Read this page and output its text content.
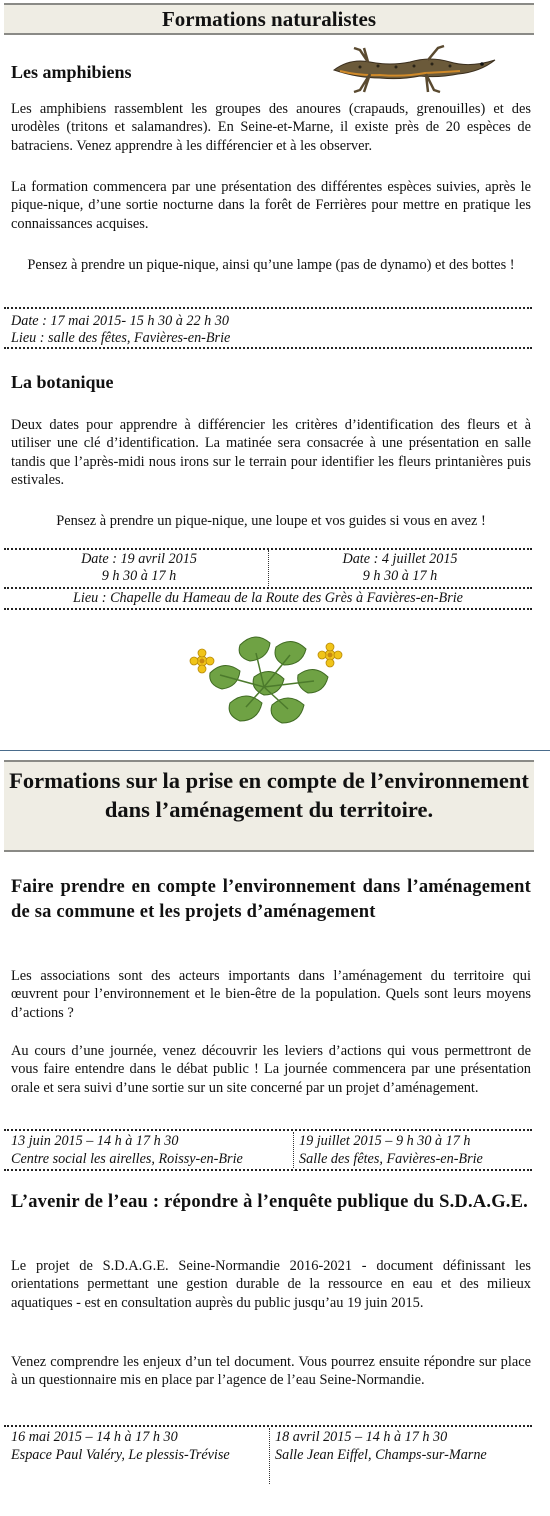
Formations naturalistes
Les amphibiens
Les amphibiens rassemblent les groupes des anoures (crapauds, grenouilles) et des urodèles (tritons et salamandres). En Seine-et-Marne, il existe près de 20 espèces de batraciens. Venez apprendre à les différencier et à les observer.
La formation commencera par une présentation des différentes espèces suivies, après le pique-nique, d’une sortie nocturne dans la forêt de Ferrières pour mettre en pratique les connaissances acquises.
Pensez à prendre un pique-nique, ainsi qu’une lampe (pas de dynamo) et des bottes !
Date : 17 mai 2015- 15 h 30 à 22 h 30
Lieu : salle des fêtes, Favières-en-Brie
La botanique
Deux dates pour apprendre à différencier les critères d’identification des fleurs et à utiliser une clé d’identification. La matinée sera consacrée à une présentation en salle tandis que l’après-midi nous irons sur le terrain pour identifier les fleurs printanières puis estivales.
Pensez à prendre un pique-nique, une loupe et vos guides si vous en avez !
Date : 19 avril 2015
9 h 30 à 17 h
Date : 4 juillet 2015
9 h 30 à 17 h
Lieu : Chapelle du Hameau de la Route des Grès à Favières-en-Brie
Formations sur la prise en compte de l’environnement dans l’aménagement du territoire.
Faire prendre en compte l’environnement dans l’aménagement de sa commune et les projets d’aménagement
Les associations sont des acteurs importants dans l’aménagement du territoire qui œuvrent pour l’environnement et le bien-être de la population. Quels sont leurs moyens d’actions ?
Au cours d’une journée, venez découvrir les leviers d’actions qui vous permettront de vous faire entendre dans le débat public ! La journée commencera par une présentation orale et sera suivi d’une sortie sur un site concerné par un projet d’aménagement.
13 juin 2015 – 14 h à 17 h 30
Centre social les airelles, Roissy-en-Brie
19 juillet 2015 – 9 h 30 à 17 h
Salle des fêtes, Favières-en-Brie
L’avenir de l’eau : répondre à l’enquête publique du S.D.A.G.E.
Le projet de S.D.A.G.E. Seine-Normandie 2016-2021 - document définissant les orientations permettant une gestion durable de la ressource en eau et des milieux aquatiques - est en consultation auprès du public jusqu’au 19 juin 2015.
Venez comprendre les enjeux d’un tel document. Vous pourrez ensuite répondre sur place à un questionnaire mis en place par l’agence de l’eau Seine-Normandie.
16 mai 2015 – 14 h à 17 h 30
Espace Paul Valéry, Le plessis-Trévise
18 avril 2015 – 14 h à 17 h 30
Salle Jean Eiffel, Champs-sur-Marne
